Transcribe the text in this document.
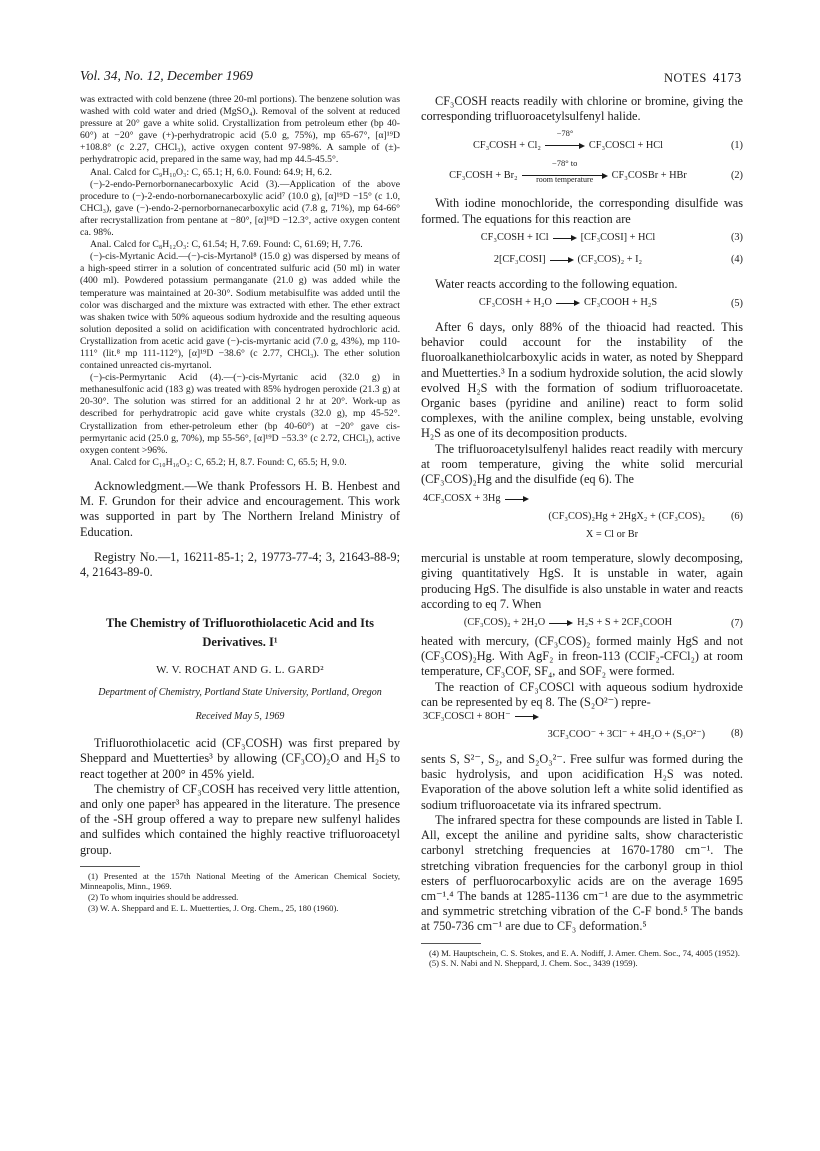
Vol. 34, No. 12, December 1969	NOTES 4173

was extracted with cold benzene (three 20-ml portions). The benzene solution was washed with cold water and dried (MgSO₄). Removal of the solvent at reduced pressure at 20° gave a white solid. Crystallization from petroleum ether (bp 40-60°) at −20° gave (+)-perhydratropic acid (5.0 g, 75%), mp 65-67°, [α]¹⁹D +108.8° (c 2.27, CHCl₃), active oxygen content 97-98%. A sample of (±)-perhydratropic acid, prepared in the same way, had mp 44.5-45.5°.

Anal. Calcd for C₉H₁₀O₃: C, 65.1; H, 6.0. Found: 64.9; H, 6.2.

(−)-2-endo-Pernorbornanecarboxylic Acid (3).—Application of the above procedure to (−)-2-endo-norbornanecarboxylic acid⁷ (10.0 g), [α]¹⁹D −15° (c 1.0, CHCl₃), gave (−)-endo-2-pernorbornanecarboxylic acid (7.8 g, 71%), mp 64-66° after recrystallization from pentane at −80°, [α]¹⁹D −12.3°, active oxygen content ca. 98%.

Anal. Calcd for C₈H₁₂O₃: C, 61.54; H, 7.69. Found: C, 61.69; H, 7.76.

(−)-cis-Myrtanic Acid.—(−)-cis-Myrtanol⁸ (15.0 g) was dispersed by means of a high-speed stirrer in a solution of concentrated sulfuric acid (50 ml) in water (400 ml). Powdered potassium permanganate (21.0 g) was added while the temperature was maintained at 20-30°. Sodium metabisulfite was added until the color was discharged and the mixture was extracted with ether. The ether extract was shaken twice with 50% aqueous sodium hydroxide and the resulting aqueous solution deposited a solid on acidification with concentrated hydrochloric acid. Crystallization from acetic acid gave (−)-cis-myrtanic acid (7.0 g, 43%), mp 110-111° (lit.⁸ mp 111-112°), [α]¹⁹D −38.6° (c 2.77, CHCl₃). The ether solution contained unreacted cis-myrtanol.

(−)-cis-Permyrtanic Acid (4).—(−)-cis-Myrtanic acid (32.0 g) in methanesulfonic acid (183 g) was treated with 85% hydrogen peroxide (21.3 g) at 20-30°. The solution was stirred for an additional 2 hr at 20°. Work-up as described for perhydratropic acid gave white crystals (32.0 g), mp 45-52°. Crystallization from ether-petroleum ether (bp 40-60°) at −20° gave cis-permyrtanic acid (25.0 g, 70%), mp 55-56°, [α]¹⁹D −53.3° (c 2.72, CHCl₃), active oxygen content >96%.

Anal. Calcd for C₁₀H₁₆O₃: C, 65.2; H, 8.7. Found: C, 65.5; H, 9.0.

Acknowledgment.—We thank Professors H. B. Henbest and M. F. Grundon for their advice and encouragement. This work was supported in part by The Northern Ireland Ministry of Education.

Registry No.—1, 16211-85-1; 2, 19773-77-4; 3, 21643-88-9; 4, 21643-89-0.

The Chemistry of Trifluorothiolacetic Acid and Its Derivatives. I¹
W. V. ROCHAT AND G. L. GARD²
Department of Chemistry, Portland State University, Portland, Oregon
Received May 5, 1969

Trifluorothiolacetic acid (CF₃COSH) was first prepared by Sheppard and Muetterties³ by allowing (CF₃CO)₂O and H₂S to react together at 200° in 45% yield.

The chemistry of CF₃COSH has received very little attention, and only one paper³ has appeared in the literature. The presence of the -SH group offered a way to prepare new sulfenyl halides and sulfides which contained the highly reactive trifluoroacetyl group.

(1) Presented at the 157th National Meeting of the American Chemical Society, Minneapolis, Minn., 1969.

(2) To whom inquiries should be addressed.

(3) W. A. Sheppard and E. L. Muetterties, J. Org. Chem., 25, 180 (1960).

CF₃COSH reacts readily with chlorine or bromine, giving the corresponding trifluoroacetylsulfenyl halide.

CF₃COSH + Cl₂
−78°
CF₃COSCl + HCl	(1)
CF₃COSH + Br₂
−78° to
room temperature	CF₃COSBr + HBr	(2)

With iodine monochloride, the corresponding disulfide was formed. The equations for this reaction are

CF₃COSH + ICl	[CF₃COSI] + HCl	(3)
2[CF₃COSI]	(CF₃COS)₂ + I₂	(4)

Water reacts according to the following equation.

CF₃COSH + H₂O	CF₃COOH + H₂S	(5)

After 6 days, only 88% of the thioacid had reacted. This behavior could account for the instability of the fluoroalkanethiolcarboxylic acids in water, as noted by Sheppard and Muetterties.³ In a sodium hydroxide solution, the acid slowly evolved H₂S with the formation of sodium trifluoroacetate. Organic bases (pyridine and aniline) react to form solid complexes, with the aniline complex, being unstable, evolving H₂S as one of its decomposition products.

The trifluoroacetylsulfenyl halides react readily with mercury at room temperature, giving the white solid mercurial (CF₃COS)₂Hg and the disulfide (eq 6). The

4CF₃COSX + 3Hg
(CF₃COS)₂Hg + 2HgX₂ + (CF₃COS)₂	(6)
X = Cl or Br

mercurial is unstable at room temperature, slowly decomposing, giving quantitatively HgS. It is unstable in water, again producing HgS. The disulfide is also unstable in water and reacts according to eq 7. When

(CF₃COS)₂ + 2H₂O	H₂S + S + 2CF₃COOH	(7)

heated with mercury, (CF₃COS)₂ formed mainly HgS and not (CF₃COS)₂Hg. With AgF₂ in freon-113 (CClF₂-CFCl₂) at room temperature, CF₃COF, SF₄, and SOF₂ were formed.

The reaction of CF₃COSCl with aqueous sodium hydroxide can be represented by eq 8. The (S₂O²⁻) repre-

3CF₃COSCl + 8OH⁻
3CF₃COO⁻ + 3Cl⁻ + 4H₂O + (S₃O²⁻)	(8)

sents S, S²⁻, S₂, and S₂O₃²⁻. Free sulfur was formed during the basic hydrolysis, and upon acidification H₂S was noted. Evaporation of the above solution left a white solid identified as sodium trifluoroacetate via its infrared spectrum.

The infrared spectra for these compounds are listed in Table I. All, except the aniline and pyridine salts, show characteristic carbonyl stretching frequencies at 1670-1780 cm⁻¹. The stretching vibration frequencies for the carbonyl group in thiol esters of perfluorocarboxylic acids are on the average 1695 cm⁻¹.⁴ The bands at 1285-1136 cm⁻¹ are due to the asymmetric and symmetric stretching vibration of the C-F bond.⁵ The bands at 750-736 cm⁻¹ are due to CF₃ deformation.⁵

(4) M. Hauptschein, C. S. Stokes, and E. A. Nodiff, J. Amer. Chem. Soc., 74, 4005 (1952).

(5) S. N. Nabi and N. Sheppard, J. Chem. Soc., 3439 (1959).
